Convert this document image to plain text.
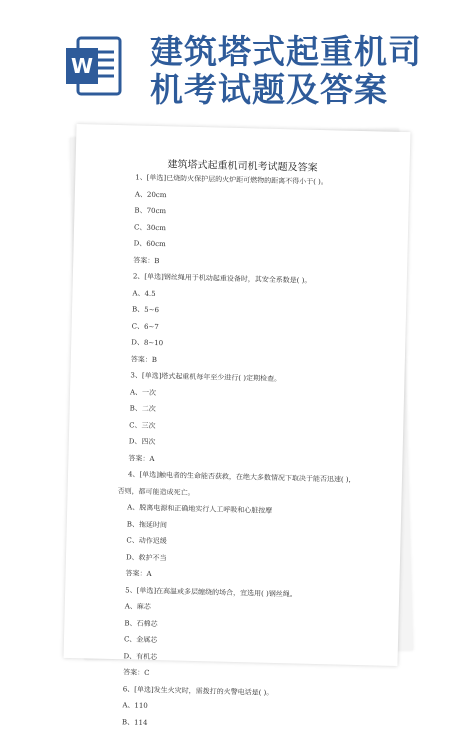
W 建筑塔式起重机司
机考试题及答案
建筑塔式起重机司机考试题及答案
1、[单选]已烧防火保护层的火炉距可燃物的距离不得小于( )。
A、20cm
B、70cm
C、30cm
D、60cm
答案：B
2、[单选]钢丝绳用于机动起重设备时，其安全系数是( )。
A、4.5
B、5~6
C、6~7
D、8~10
答案：B
3、[单选]塔式起重机每年至少进行( )定期检查。
A、一次
B、二次
C、三次
D、四次
答案：A
4、[单选]触电者的生命能否获救，在绝大多数情况下取决于能否迅速( )，
否则，都可能造成死亡。
A、脱离电源和正确地实行人工呼吸和心脏按摩
B、拖延时间
C、动作迟缓
D、救护不当
答案：A
5、[单选]在高温或多层缠绕的场合，宜选用( )钢丝绳。
A、麻芯
B、石棉芯
C、金属芯
D、有机芯
答案：C
6、[单选]发生火灾时，需拨打的火警电话是( )。
A、110
B、114
